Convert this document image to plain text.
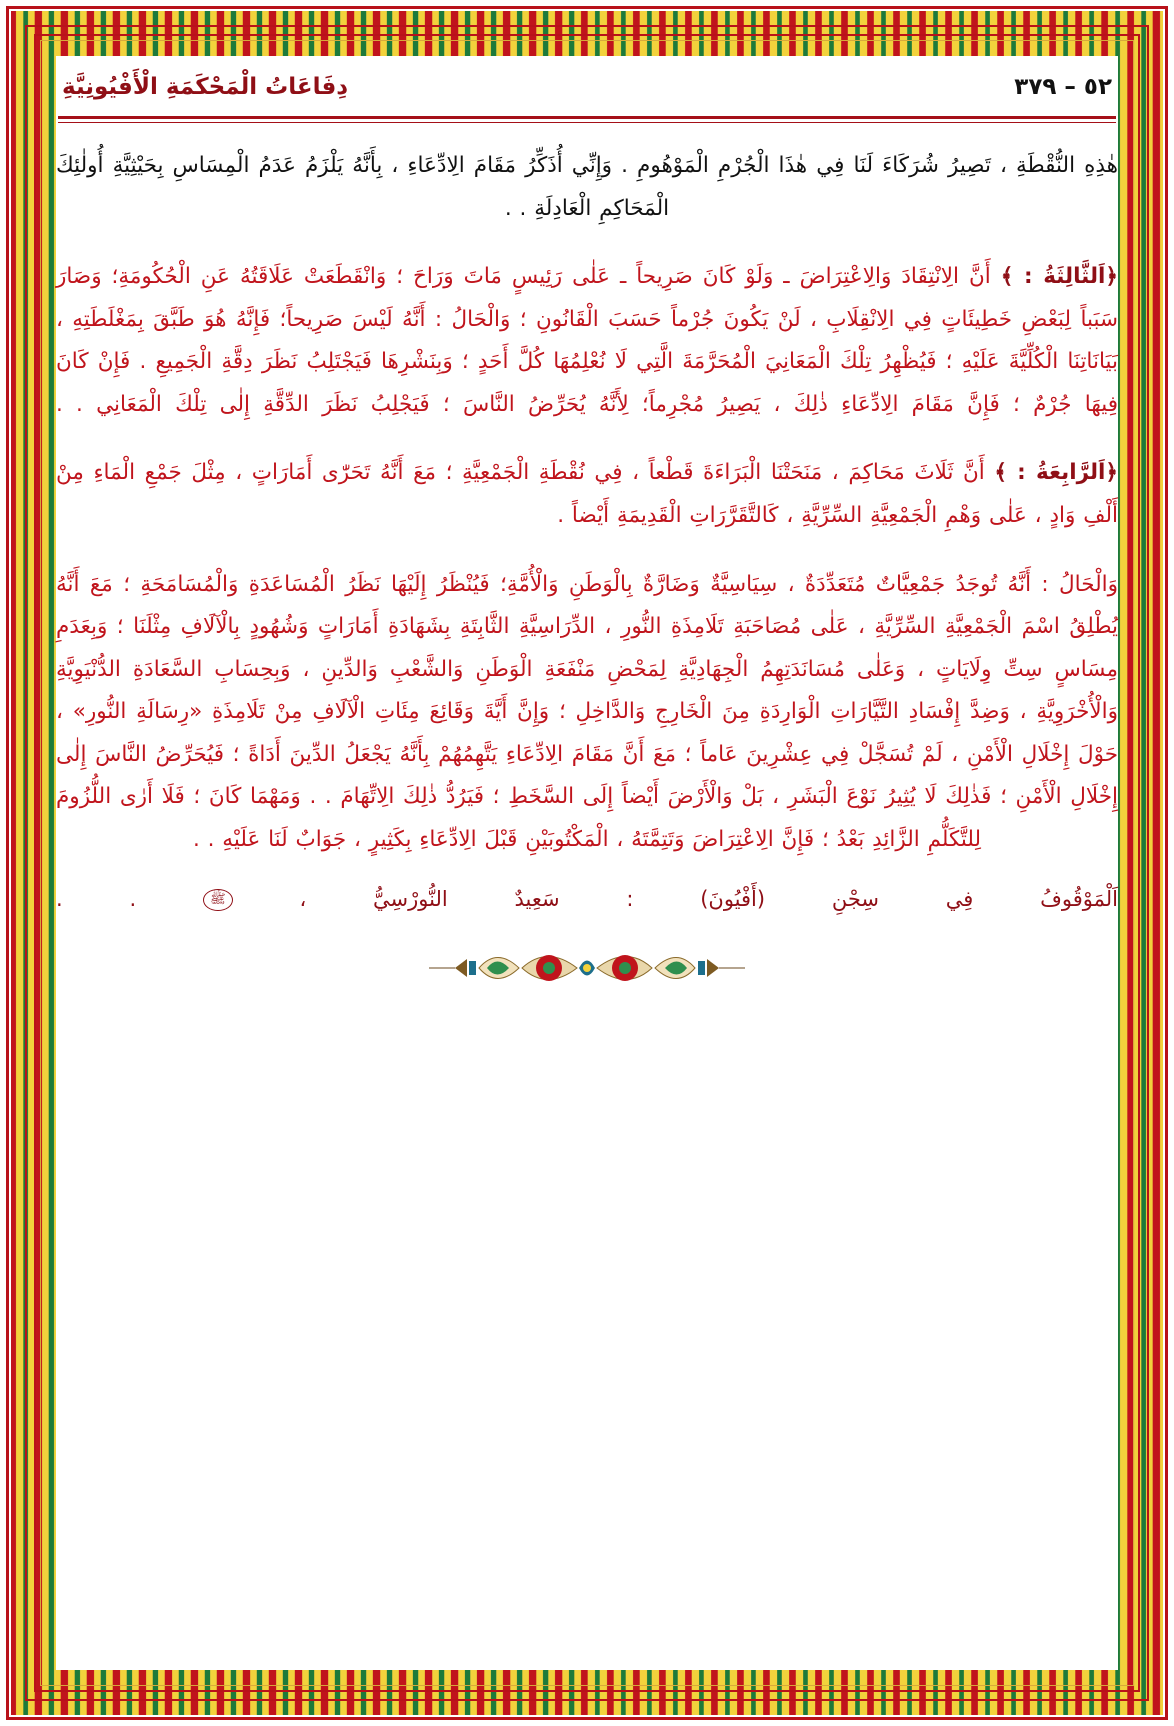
دِفَاعَاتُ الْمَحْكَمَةِ الْأَفْيُونِيَّةِ	٥٢ – ٣٧٩

هٰذِهِ النُّقْطَةِ ، تَصِيرُ شُرَكَاءَ لَنَا فِي هٰذَا الْجُرْمِ الْمَوْهُومِ . وَإِنِّي أُذَكِّرُ مَقَامَ الِادِّعَاءِ ، بِأَنَّهُ يَلْزَمُ عَدَمُ الْمِسَاسِ بِحَيْثِيَّةِ أُولٰئِكَ الْمَحَاكِمِ الْعَادِلَةِ . .

﴿اَلثَّالِثَةُ : ﴾ أَنَّ الِانْتِقَادَ وَالِاعْتِرَاضَ ـ وَلَوْ كَانَ صَرِيحاً ـ عَلٰى رَئِيسٍ مَاتَ وَرَاحَ ؛ وَانْقَطَعَتْ عَلَاقَتُهُ عَنِ الْحُكُومَةِ؛ وَصَارَ سَبَباً لِبَعْضِ خَطِيئَاتٍ فِي الِانْقِلَابِ ، لَنْ يَكُونَ جُرْماً حَسَبَ الْقَانُونِ ؛ وَالْحَالُ : أَنَّهُ لَيْسَ صَرِيحاً؛ فَإِنَّهُ هُوَ طَبَّقَ بِمَغْلَطَتِهِ ، بَيَانَاتِنَا الْكُلِّيَّةَ عَلَيْهِ ؛ فَيُظْهِرُ تِلْكَ الْمَعَانِيَ الْمُحَرَّمَةَ الَّتِي لَا نُعْلِمُهَا كُلَّ أَحَدٍ ؛ وَبِنَشْرِهَا فَيَجْتَلِبُ نَظَرَ دِقَّةِ الْجَمِيعِ . فَإِنْ كَانَ فِيهَا جُرْمٌ ؛ فَإِنَّ مَقَامَ الِادِّعَاءِ ذٰلِكَ ، يَصِيرُ مُجْرِماً؛ لِأَنَّهُ يُحَرِّضُ النَّاسَ ؛ فَيَجْلِبُ نَظَرَ الدِّقَّةِ إِلٰى تِلْكَ الْمَعَانِي . .

﴿اَلرَّابِعَةُ : ﴾ أَنَّ ثَلَاثَ مَحَاكِمَ ، مَنَحَتْنَا الْبَرَاءَةَ قَطْعاً ، فِي نُقْطَةِ الْجَمْعِيَّةِ ؛ مَعَ أَنَّهُ تَحَرّٰى أَمَارَاتٍ ، مِثْلَ جَمْعِ الْمَاءِ مِنْ أَلْفِ وَادٍ ، عَلٰى وَهْمِ الْجَمْعِيَّةِ السِّرِّيَّةِ ، كَالتَّقَرَّرَاتِ الْقَدِيمَةِ أَيْضاً .

وَالْحَالُ : أَنَّهُ تُوجَدُ جَمْعِيَّاتٌ مُتَعَدِّدَةٌ ، سِيَاسِيَّةٌ وَضَارَّةٌ بِالْوَطَنِ وَالْأُمَّةِ؛ فَيُنْظَرُ إِلَيْهَا نَظَرُ الْمُسَاعَدَةِ وَالْمُسَامَحَةِ ؛ مَعَ أَنَّهُ يُطْلِقُ اسْمَ الْجَمْعِيَّةِ السِّرِّيَّةِ ، عَلٰى مُصَاحَبَةِ تَلَامِذَةِ النُّورِ ، الدِّرَاسِيَّةِ الثَّابِتَةِ بِشَهَادَةِ أَمَارَاتٍ وَشُهُودٍ بِالْآلَافِ مِثْلَنَا ؛ وَبِعَدَمِ مِسَاسٍ سِتِّ وِلَايَاتٍ ، وَعَلٰى مُسَانَدَتِهِمُ الْجِهَادِيَّةِ لِمَحْضِ مَنْفَعَةِ الْوَطَنِ وَالشَّعْبِ وَالدِّينِ ، وَبِحِسَابِ السَّعَادَةِ الدُّنْيَوِيَّةِ وَالْأُخْرَوِيَّةِ ، وَضِدَّ إِفْسَادِ التَّيَّارَاتِ الْوَارِدَةِ مِنَ الْخَارِجِ وَالدَّاخِلِ ؛ وَإِنَّ أَيَّةَ وَقَائِعَ مِئَاتِ الْآلَافِ مِنْ تَلَامِذَةِ «رِسَالَةِ النُّورِ» ، حَوْلَ إِخْلَالِ الْأَمْنِ ، لَمْ تُسَجَّلْ فِي عِشْرِينَ عَاماً ؛ مَعَ أَنَّ مَقَامَ الِادِّعَاءِ يَتَّهِمُهُمْ بِأَنَّهُ يَجْعَلُ الدِّينَ أَدَاةً ؛ فَيُحَرِّضُ النَّاسَ إِلٰى إِخْلَالِ الْأَمْنِ ؛ فَذٰلِكَ لَا يُثِيرُ نَوْعَ الْبَشَرِ ، بَلْ وَالْأَرْضَ أَيْضاً إِلَى السَّخَطِ ؛ فَيَرُدُّ ذٰلِكَ الِاتِّهَامَ . . وَمَهْمَا كَانَ ؛ فَلَا أَرٰى اللُّزُومَ لِلتَّكَلُّمِ الزَّائِدِ بَعْدُ ؛ فَإِنَّ الِاعْتِرَاضَ وَتَتِمَّتَهُ ، الْمَكْتُوبَيْنِ قَبْلَ الِادِّعَاءِ بِكَثِيرٍ ، جَوَابٌ لَنَا عَلَيْهِ . .

اَلْمَوْقُوفُ فِي سِجْنِ (أَفْيُونَ) : سَعِيدٌ النُّورْسِيُّ ، ﷺ . .
